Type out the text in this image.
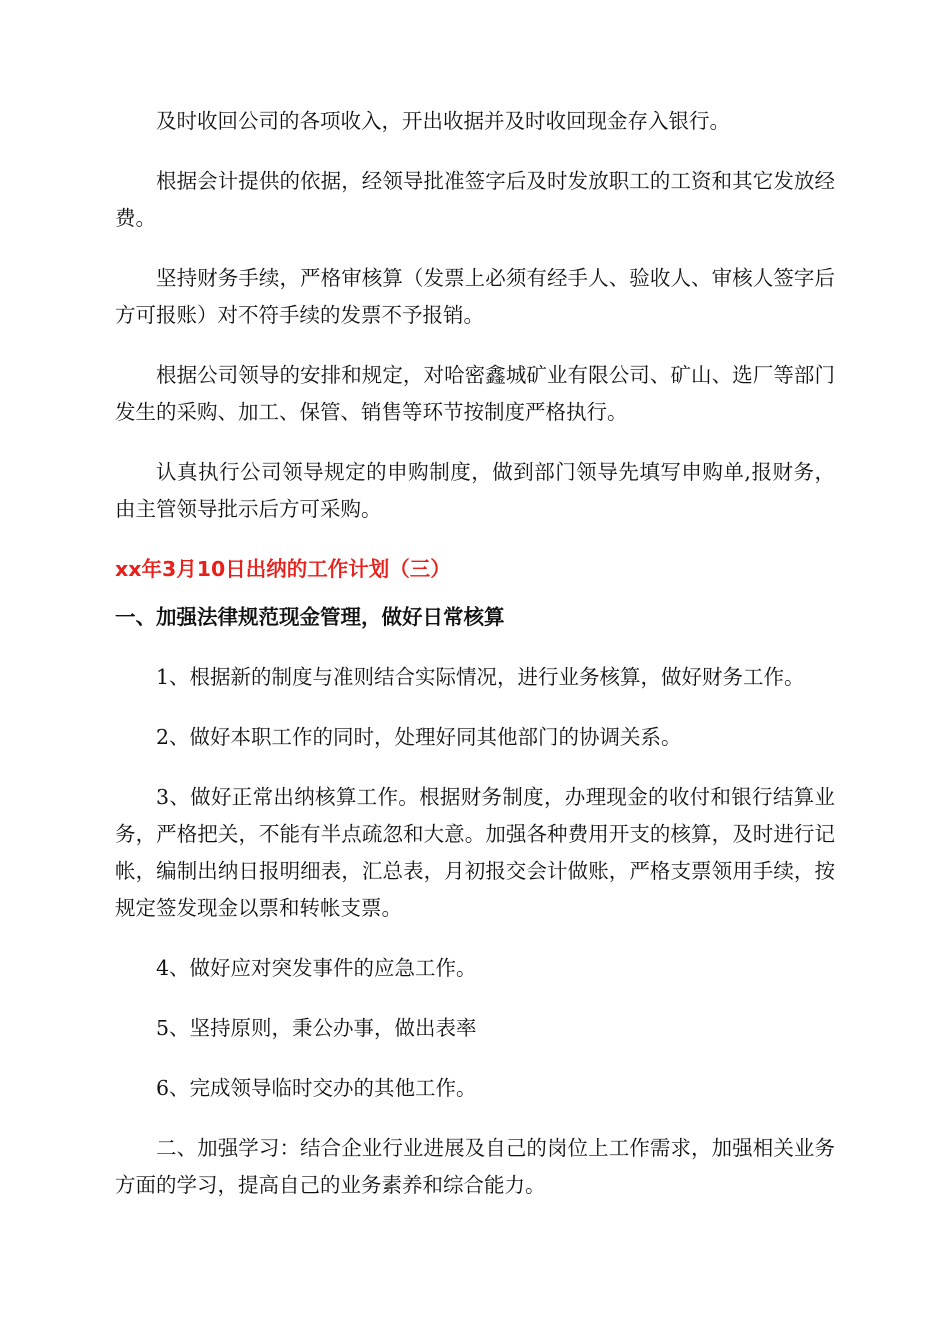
及时收回公司的各项收入，开出收据并及时收回现金存入银行。

根据会计提供的依据，经领导批准签字后及时发放职工的工资和其它发放经费。

坚持财务手续，严格审核算（发票上必须有经手人、验收人、审核人签字后方可报账）对不符手续的发票不予报销。

根据公司领导的安排和规定，对哈密鑫城矿业有限公司、矿山、选厂等部门发生的采购、加工、保管、销售等环节按制度严格执行。

认真执行公司领导规定的申购制度，做到部门领导先填写申购单,报财务，由主管领导批示后方可采购。

xx年3月10日出纳的工作计划（三）
一、加强法律规范现金管理，做好日常核算

1、根据新的制度与准则结合实际情况，进行业务核算，做好财务工作。

2、做好本职工作的同时，处理好同其他部门的协调关系。

3、做好正常出纳核算工作。根据财务制度，办理现金的收付和银行结算业务，严格把关，不能有半点疏忽和大意。加强各种费用开支的核算，及时进行记帐，编制出纳日报明细表，汇总表，月初报交会计做账，严格支票领用手续，按规定签发现金以票和转帐支票。

4、做好应对突发事件的应急工作。

5、坚持原则，秉公办事，做出表率

6、完成领导临时交办的其他工作。

二、加强学习：结合企业行业进展及自己的岗位上工作需求，加强相关业务方面的学习，提高自己的业务素养和综合能力。
